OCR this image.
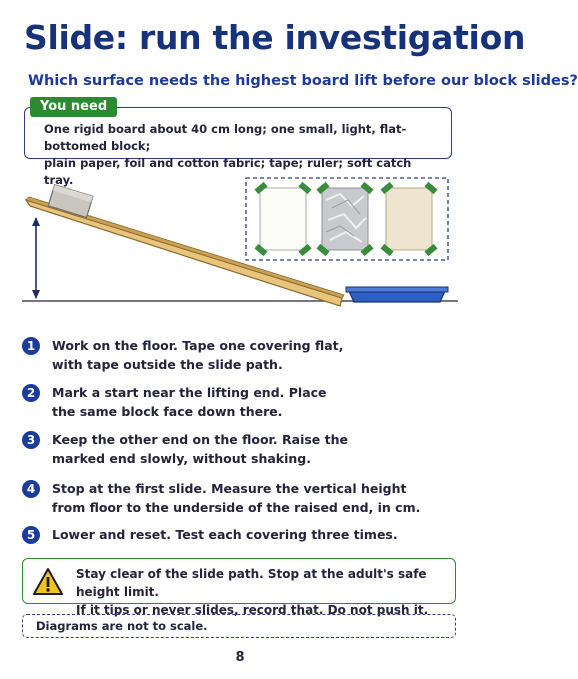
Slide: run the investigation

Which surface needs the highest board lift before our block slides?

You need
One rigid board about 40 cm long; one small, light, flat-bottomed block;
plain paper, foil and cotton fabric; tape; ruler; soft catch tray.
1	Work on the floor. Tape one covering flat,
with tape outside the slide path.
2	Mark a start near the lifting end. Place
the same block face down there.
3	Keep the other end on the floor. Raise the
marked end slowly, without shaking.
4	Stop at the first slide. Measure the vertical height
from floor to the underside of the raised end, in cm.
5	Lower and reset. Test each covering three times.
Stay clear of the slide path. Stop at the adult's safe height limit.
If it tips or never slides, record that. Do not push it.
Diagrams are not to scale.
8
